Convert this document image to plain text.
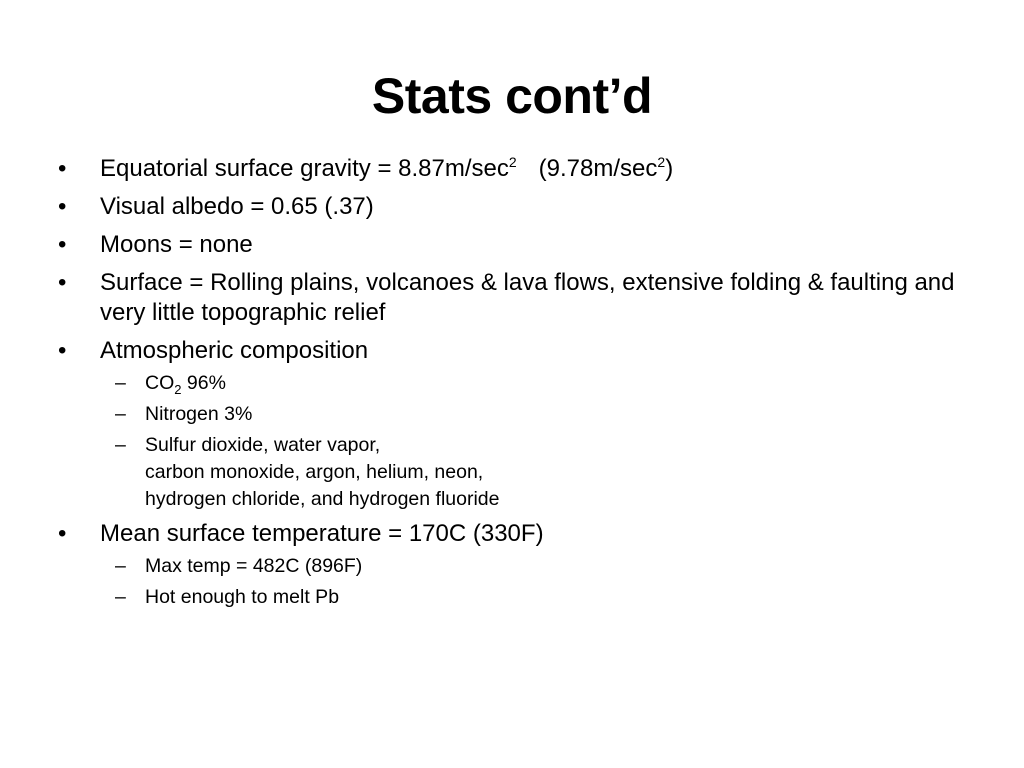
Stats cont’d
•	Equatorial surface gravity = $8.87m/\sec^2$ $(9.78m/\sec^2)$
•	Visual albedo = 0.65 (.37)
•	Moons = none
•	Surface = Rolling plains, volcanoes & lava flows, extensive folding & faulting and very little topographic relief
•	Atmospheric composition
– $CO_2$ 96%
– Nitrogen 3%
– Sulfur dioxide, water vapor,
carbon monoxide, argon, helium, neon,
hydrogen chloride, and hydrogen fluoride
•	Mean surface temperature = 170C (330F)
– Max temp = 482C (896F)
– Hot enough to melt Pb
